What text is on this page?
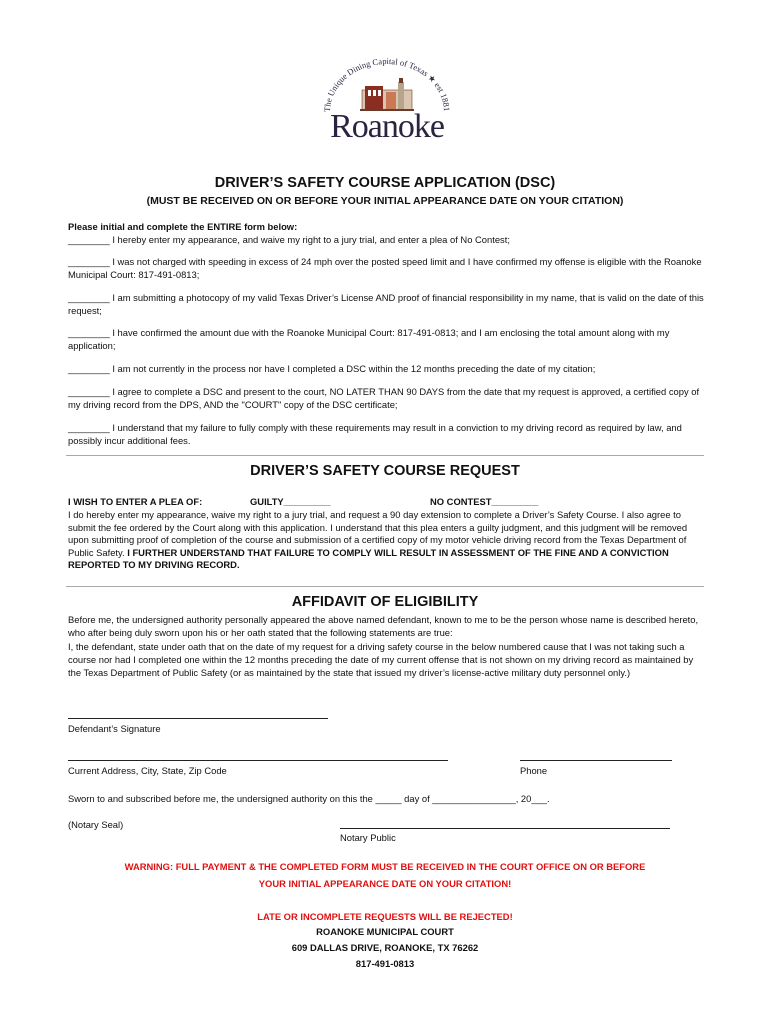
The Unique Dining Capital of Texas ★ est 1881
Roanoke
DRIVER’S SAFETY COURSE APPLICATION (DSC)
(MUST BE RECEIVED ON OR BEFORE YOUR INITIAL APPEARANCE DATE ON YOUR CITATION)
Please initial and complete the ENTIRE form below:
________ I hereby enter my appearance, and waive my right to a jury trial, and enter a plea of No Contest;
________ I was not charged with speeding in excess of 24 mph over the posted speed limit and I have confirmed my offense is eligible with the Roanoke Municipal Court: 817-491-0813;
________ I am submitting a photocopy of my valid Texas Driver’s License AND proof of financial responsibility in my name, that is valid on the date of this request;
________ I have confirmed the amount due with the Roanoke Municipal Court: 817-491-0813; and I am enclosing the total amount along with my application;
________ I am not currently in the process nor have I completed a DSC within the 12 months preceding the date of my citation;
________ I agree to complete a DSC and present to the court, NO LATER THAN 90 DAYS from the date that my request is approved, a certified copy of my driving record from the DPS, AND the "COURT" copy of the DSC certificate;
________ I understand that my failure to fully comply with these requirements may result in a conviction to my driving record as required by law, and possibly incur additional fees.
DRIVER’S SAFETY COURSE REQUEST
I WISH TO ENTER A PLEA OF:	GUILTY_________	NO CONTEST_________
I do hereby enter my appearance, waive my right to a jury trial, and request a 90 day extension to complete a Driver’s Safety Course. I also agree to submit the fee ordered by the Court along with this application. I understand that this plea enters a guilty judgment, and this judgment will be removed upon submitting proof of completion of the course and submission of a certified copy of my motor vehicle driving record from the Texas Department of Public Safety. I FURTHER UNDERSTAND THAT FAILURE TO COMPLY WILL RESULT IN ASSESSMENT OF THE FINE AND A CONVICTION REPORTED TO MY DRIVING RECORD.
AFFIDAVIT OF ELIGIBILITY
Before me, the undersigned authority personally appeared the above named defendant, known to me to be the person whose name is described hereto, who after being duly sworn upon his or her oath stated that the following statements are true:
I, the defendant, state under oath that on the date of my request for a driving safety course in the below numbered cause that I was not taking such a course nor had I completed one within the 12 months preceding the date of my current offense that is not shown on my driving record as maintained by the Texas Department of Public Safety (or as maintained by the state that issued my driver’s license-active military duty personnel only.)
Defendant’s Signature
Current Address, City, State, Zip Code	Phone
Sworn to and subscribed before me, the undersigned authority on this the _____ day of ________________, 20___.
(Notary Seal)
Notary Public
WARNING: FULL PAYMENT & THE COMPLETED FORM MUST BE RECEIVED IN THE COURT OFFICE ON OR BEFORE
YOUR INITIAL APPEARANCE DATE ON YOUR CITATION!
LATE OR INCOMPLETE REQUESTS WILL BE REJECTED!
ROANOKE MUNICIPAL COURT
609 DALLAS DRIVE, ROANOKE, TX 76262
817-491-0813
